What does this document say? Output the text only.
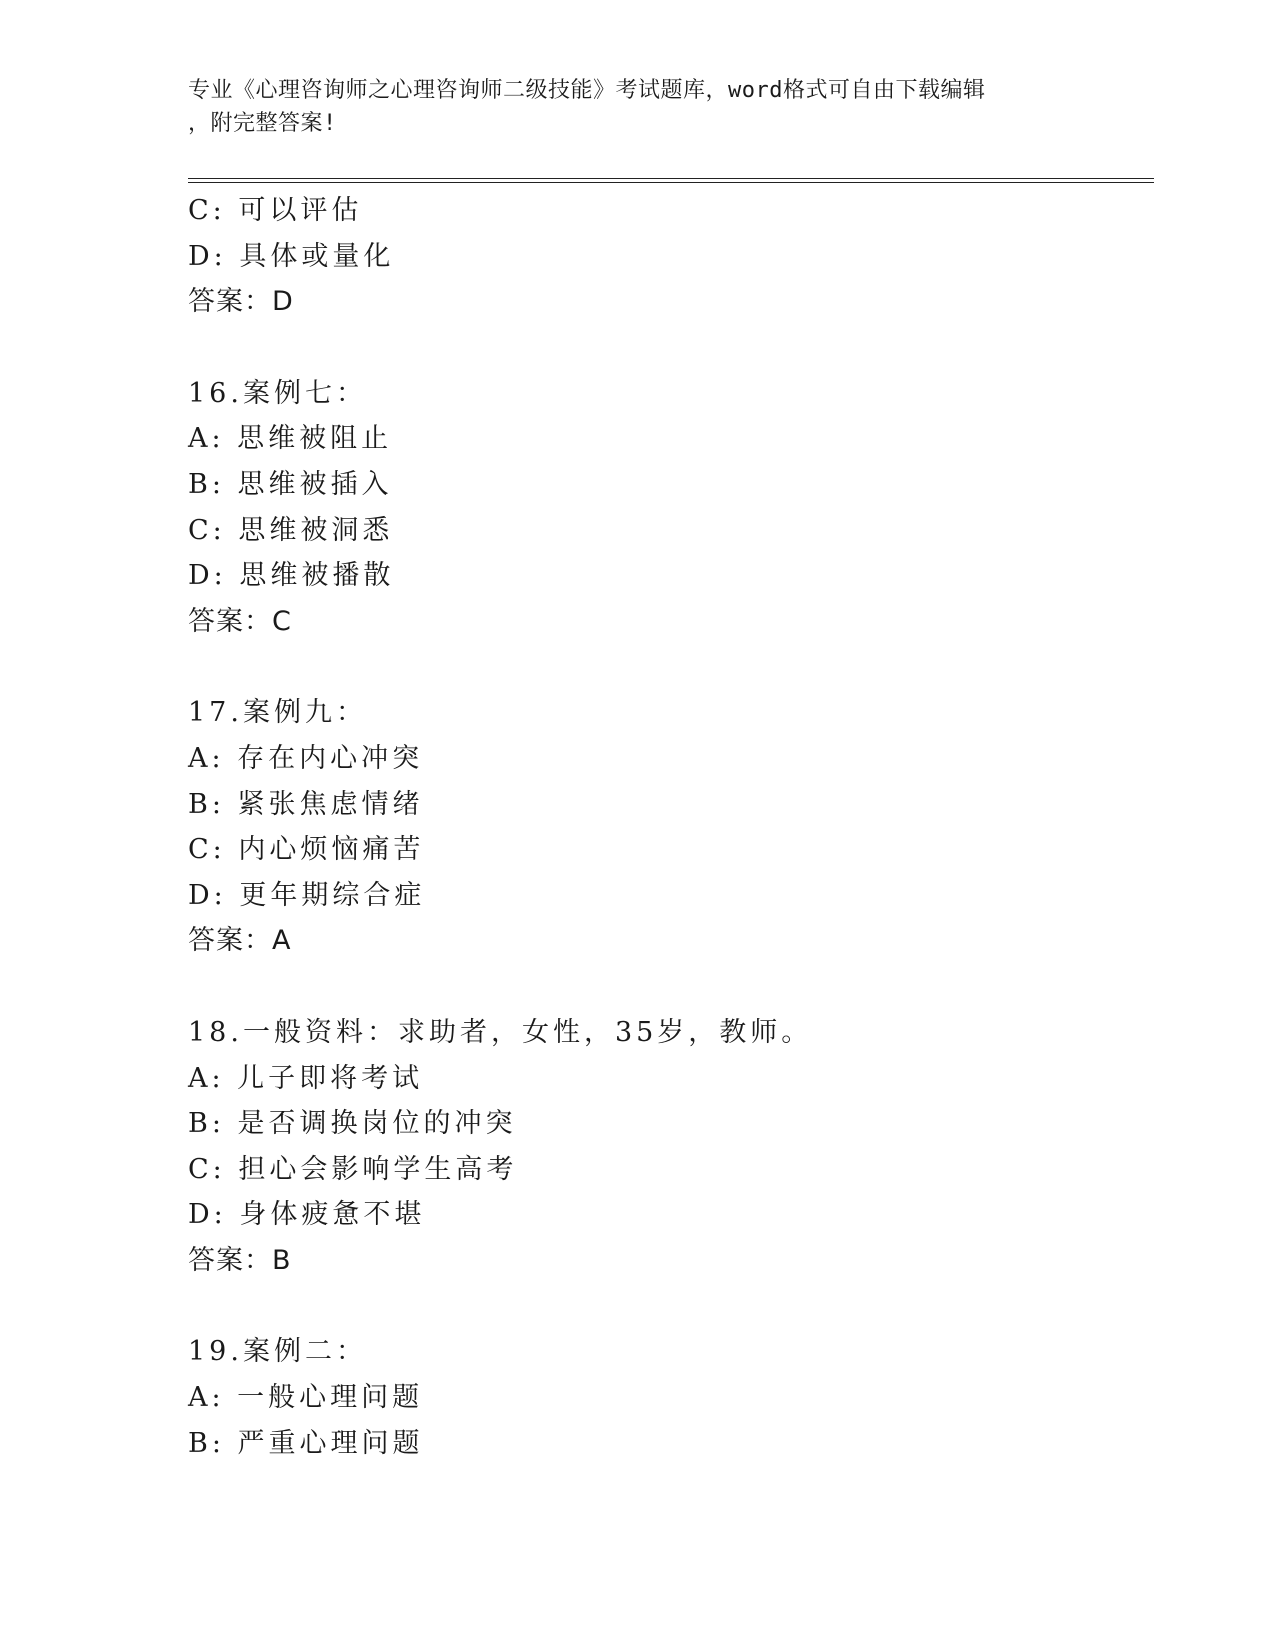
专业《心理咨询师之心理咨询师二级技能》考试题库，word格式可自由下载编辑
，附完整答案!
C: 可以评估
D: 具体或量化
答案：D
16.案例七：
A: 思维被阻止
B: 思维被插入
C: 思维被洞悉
D: 思维被播散
答案：C
17.案例九：
A: 存在内心冲突
B: 紧张焦虑情绪
C: 内心烦恼痛苦
D: 更年期综合症
答案：A
18.一般资料：求助者，女性，35岁，教师。
A: 儿子即将考试
B: 是否调换岗位的冲突
C: 担心会影响学生高考
D: 身体疲惫不堪
答案：B
19.案例二：
A: 一般心理问题
B: 严重心理问题
